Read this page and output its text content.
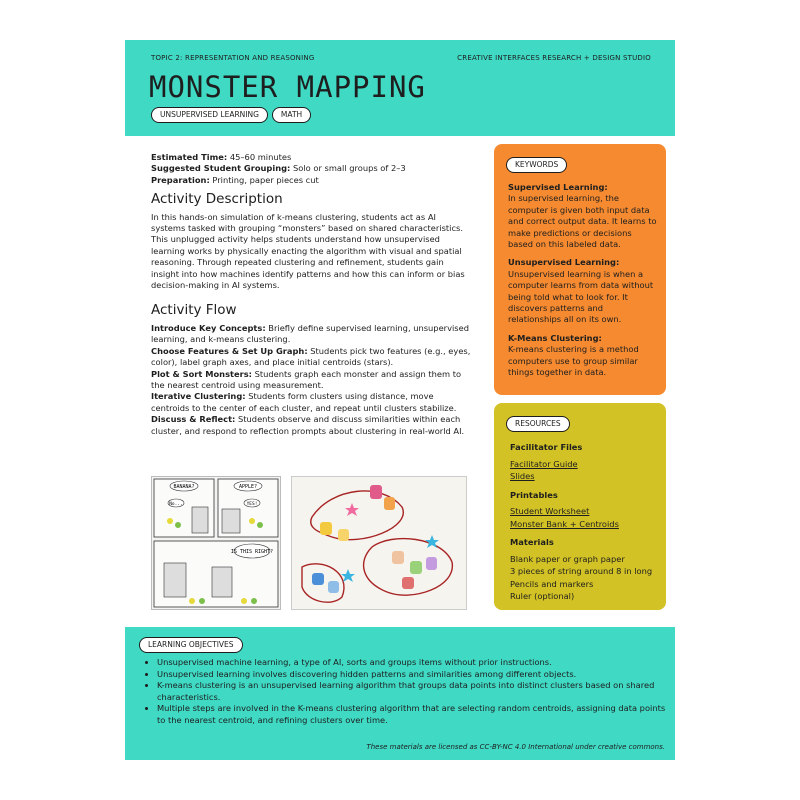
TOPIC 2: REPRESENTATION AND REASONING	CREATIVE INTERFACES RESEARCH + DESIGN STUDIO
MONSTER MAPPING
UNSUPERVISED LEARNING	MATH
Estimated Time: 45–60 minutes
Suggested Student Grouping: Solo or small groups of 2–3
Preparation: Printing, paper pieces cut
Activity Description

In this hands-on simulation of k-means clustering, students act as AI systems tasked with grouping “monsters” based on shared characteristics. This unplugged activity helps students understand how unsupervised learning works by physically enacting the algorithm with visual and spatial reasoning. Through repeated clustering and refinement, students gain insight into how machines identify patterns and how this can inform or bias decision-making in AI systems.

Activity Flow

Introduce Key Concepts: Briefly define supervised learning, unsupervised learning, and k-means clustering.

Choose Features & Set Up Graph: Students pick two features (e.g., eyes, color), label graph axes, and place initial centroids (stars).

Plot & Sort Monsters: Students graph each monster and assign them to the nearest centroid using measurement.

Iterative Clustering: Students form clusters using distance, move centroids to the center of each cluster, and repeat until clusters stabilize.

Discuss & Reflect: Students observe and discuss similarities within each cluster, and respond to reflection prompts about clustering in real-world AI.

BANANA?
No...
APPLE?
YES!
IS THIS RIGHT?
KEYWORDS
Supervised Learning:
In supervised learning, the computer is given both input data and correct output data. It learns to make predictions or decisions based on this labeled data.
Unsupervised Learning:
Unsupervised learning is when a computer learns from data without being told what to look for. It discovers patterns and relationships all on its own.
K-Means Clustering:
K-means clustering is a method computers use to group similar things together in data.
RESOURCES
Facilitator Files
Facilitator Guide
Slides
Printables
Student Worksheet
Monster Bank + Centroids
Materials
Blank paper or graph paper
3 pieces of string around 8 in long
Pencils and markers
Ruler (optional)
LEARNING OBJECTIVES
• Unsupervised machine learning, a type of AI, sorts and groups items without prior instructions.
• Unsupervised learning involves discovering hidden patterns and similarities among different objects.
• K-means clustering is an unsupervised learning algorithm that groups data points into distinct clusters based on shared characteristics.
• Multiple steps are involved in the K-means clustering algorithm that are selecting random centroids, assigning data points to the nearest centroid, and refining clusters over time.
These materials are licensed as CC-BY-NC 4.0 International under creative commons.
